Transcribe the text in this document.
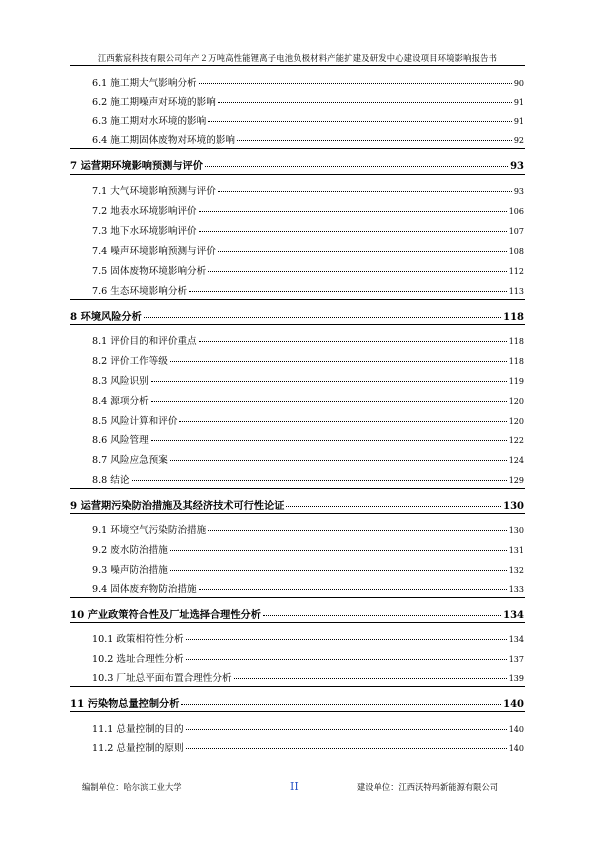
江西紫宸科技有限公司年产２万吨高性能锂离子电池负极材料产能扩建及研发中心建设项目环境影响报告书
6.1 施工期大气影响分析	90
6.2 施工期噪声对环境的影响	91
6.3 施工期对水环境的影响	91
6.4 施工期固体废物对环境的影响	92
7 运营期环境影响预测与评价	93
7.1 大气环境影响预测与评价	93
7.2 地表水环境影响评价	106
7.3 地下水环境影响评价	107
7.4 噪声环境影响预测与评价	108
7.5 固体废物环境影响分析	112
7.6 生态环境影响分析	113
8 环境风险分析	118
8.1 评价目的和评价重点	118
8.2 评价工作等级	118
8.3 风险识别	119
8.4 源项分析	120
8.5 风险计算和评价	120
8.6 风险管理	122
8.7 风险应急预案	124
8.8 结论	129
9 运营期污染防治措施及其经济技术可行性论证	130
9.1 环境空气污染防治措施	130
9.2 废水防治措施	131
9.3 噪声防治措施	132
9.4 固体废弃物防治措施	133
10 产业政策符合性及厂址选择合理性分析	134
10.1 政策相符性分析	134
10.2 选址合理性分析	137
10.3 厂址总平面布置合理性分析	139
11 污染物总量控制分析	140
11.1 总量控制的目的	140
11.2 总量控制的原则	140
编制单位：哈尔滨工业大学	II	建设单位：江西沃特玛新能源有限公司
